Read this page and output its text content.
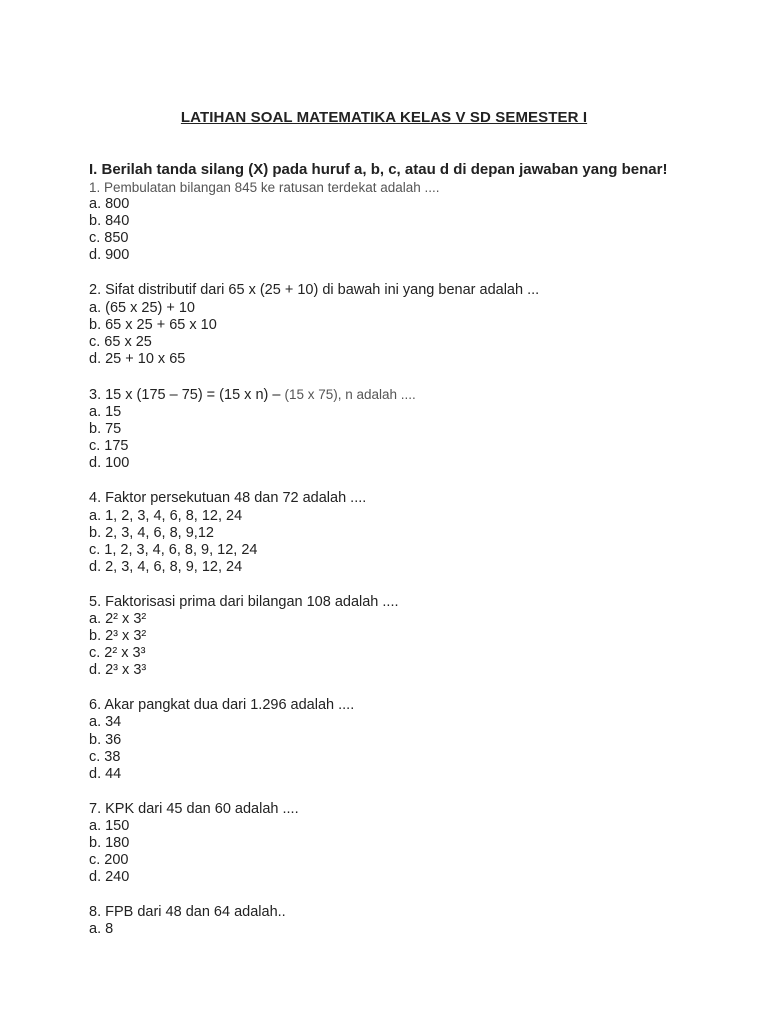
LATIHAN SOAL MATEMATIKA KELAS V SD SEMESTER I
I. Berilah tanda silang (X) pada huruf a, b, c, atau d di depan jawaban yang benar!
1. Pembulatan bilangan 845 ke ratusan terdekat adalah ....
a. 800
b. 840
c. 850
d. 900
2. Sifat distributif dari 65 x (25 + 10) di bawah ini yang benar adalah ...
a. (65 x 25) + 10
b. 65 x 25 + 65 x 10
c. 65 x 25
d. 25 + 10 x 65
3. 15 x (175 – 75) = (15 x n) – (15 x 75), n adalah ....
a. 15
b. 75
c. 175
d. 100
4. Faktor persekutuan 48 dan 72 adalah ....
a. 1, 2, 3, 4, 6, 8, 12, 24
b. 2, 3, 4, 6, 8, 9,12
c. 1, 2, 3, 4, 6, 8, 9, 12, 24
d. 2, 3, 4, 6, 8, 9, 12, 24
5. Faktorisasi prima dari bilangan 108 adalah ....
a. 2² x 3²
b. 2³ x 3²
c. 2² x 3³
d. 2³ x 3³
6. Akar pangkat dua dari 1.296 adalah ....
a. 34
b. 36
c. 38
d. 44
7. KPK dari 45 dan 60 adalah ....
a. 150
b. 180
c. 200
d. 240
8. FPB dari 48 dan 64 adalah..
a. 8
